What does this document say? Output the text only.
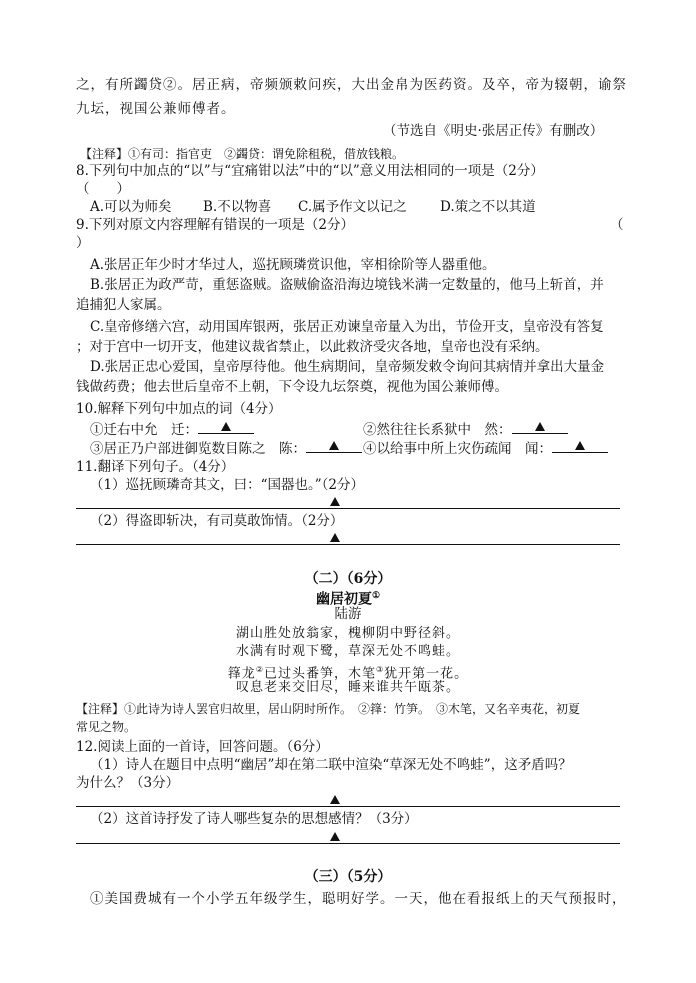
之，有所蠲贷②。居正病，帝频颁敕问疾，大出金帛为医药资。及卒，帝为辍朝，谕祭
九坛，视国公兼师傅者。
（节选自《明史·张居正传》有删改）
【注释】①有司：指官吏　②蠲贷：谓免除租税，借放钱粮。
8.下列句中加点的“以”与“宜痛钳以法”中的“以”意义用法相同的一项是（2分）
（　　）
A.可以为师矣 B.不以物喜 C.属予作文以记之 D.策之不以其道
9.下列对原文内容理解有错误的一项是（2分）	（
）
A.张居正年少时才华过人，巡抚顾璘赏识他，宰相徐阶等人器重他。
B.张居正为政严苛，重惩盗贼。盗贼偷盗沿海边境钱米满一定数量的，他马上斩首，并
追捕犯人家属。
C.皇帝修缮六宫，动用国库银两，张居正劝谏皇帝量入为出，节俭开支，皇帝没有答复
；对于宫中一切开支，他建议裁省禁止，以此救济受灾各地，皇帝也没有采纳。
D.张居正忠心爱国，皇帝厚待他。他生病期间，皇帝频发敕令询问其病情并拿出大量金
钱做药费；他去世后皇帝不上朝，下令设九坛祭奠，视他为国公兼师傅。
10.解释下列句中加点的词（4分）
①迁右中允　迁：	②然往往长系狱中　然：
③居正乃户部进御览数目陈之　陈：	④以给事中所上灾伤疏闻　闻：
11.翻译下列句子。（4分）
（1）巡抚顾璘奇其文，曰：“国器也。”（2分）
（2）得盗即斩决，有司莫敢饰情。（2分）
（二）（6分）
幽居初夏①
陆游
湖山胜处放翁家，槐柳阴中野径斜。
水满有时观下鹭，草深无处不鸣蛙。
箨龙②已过头番笋，木笔③犹开第一花。
叹息老来交旧尽，睡来谁共午瓯茶。
【注释】①此诗为诗人罢官归故里，居山阴时所作。　②箨：竹笋。　③木笔，又名辛夷花，初夏
常见之物。
12.阅读上面的一首诗，回答问题。（6分）
（1）诗人在题目中点明“幽居”却在第二联中渲染“草深无处不鸣蛙”，这矛盾吗？
为什么？（3分）
（2）这首诗抒发了诗人哪些复杂的思想感情？（3分）
（三）（5分）
①美国费城有一个小学五年级学生，聪明好学。一天，他在看报纸上的天气预报时，
